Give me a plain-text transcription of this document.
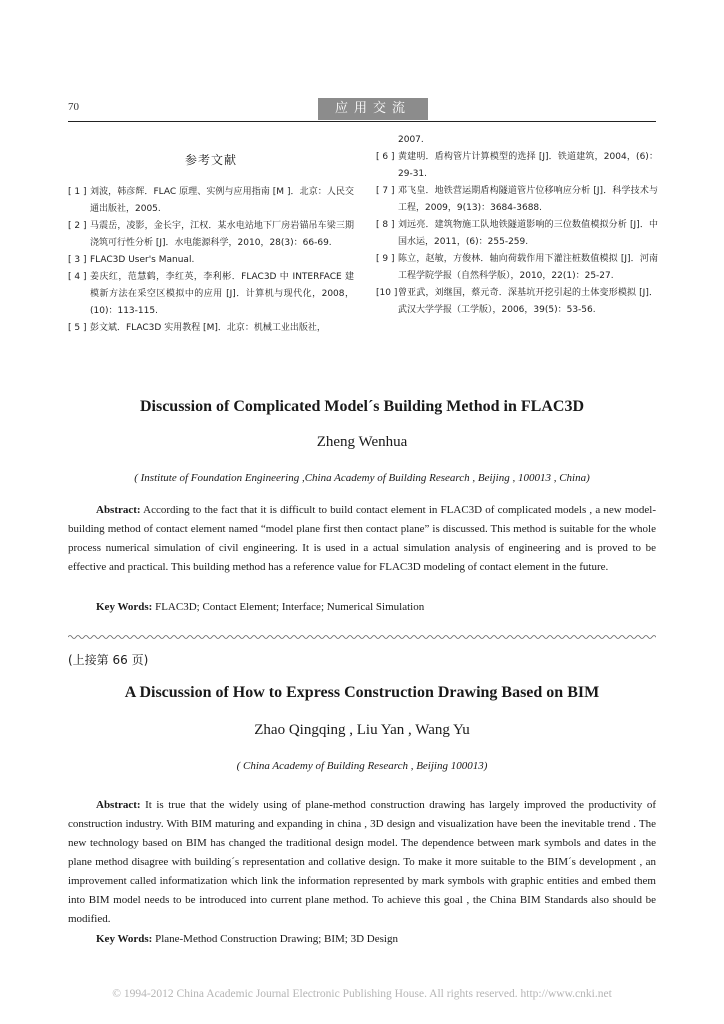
70	应用交流
参考文献
[ 1 ] 刘波，韩彦辉．FLAC 原理、实例与应用指南 [M ]．北京：人民交通出版社，2005.
[ 2 ] 马震岳，凌影，金长宇，江权．某水电站地下厂房岩锚吊车梁三期浇筑可行性分析 [J]．水电能源科学，2010，28(3)：66-69.
[ 3 ] FLAC3D User's Manual.
[ 4 ] 姜庆红，范慧鹤，李红英，李利彬．FLAC3D 中 INTERFACE 建模新方法在采空区模拟中的应用 [J]．计算机与现代化，2008，(10)：113-115.
[ 5 ] 彭文斌．FLAC3D 实用教程 [M]．北京：机械工业出版社，
2007.
[ 6 ] 黄建明．盾构管片计算模型的选择 [J]．铁道建筑，2004，(6)：29-31.
[ 7 ] 邓飞皇．地铁营运期盾构隧道管片位移响应分析 [J]．科学技术与工程，2009，9(13)：3684-3688.
[ 8 ] 刘远亮．建筑物施工队地铁隧道影响的三位数值模拟分析 [J]．中国水运，2011，(6)：255-259.
[ 9 ] 陈立，赵敏，方俊林．轴向荷载作用下灌注桩数值模拟 [J]．河南工程学院学报（自然科学版），2010，22(1)：25-27.
[10 ] 曾亚武，刘继国，蔡元奇．深基坑开挖引起的土体变形模拟 [J]．武汉大学学报（工学版），2006，39(5)：53-56.
Discussion of Complicated Model´s Building Method in FLAC3D
Zheng Wenhua
( Institute of Foundation Engineering ,China Academy of Building Research , Beijing , 100013 , China)
Abstract: According to the fact that it is difficult to build contact element in FLAC3D of complicated models , a new model-building method of contact element named “model plane first then contact plane” is discussed. This method is suitable for the whole process numerical simulation of civil engineering. It is used in a actual simulation analysis of engineering and is proved to be effective and practical. This building method has a reference value for FLAC3D modeling of contact element in the future.
Key Words: FLAC3D; Contact Element; Interface; Numerical Simulation
(上接第 66 页)
A Discussion of How to Express Construction Drawing Based on BIM
Zhao Qingqing , Liu Yan , Wang Yu
( China Academy of Building Research , Beijing 100013)
Abstract: It is true that the widely using of plane-method construction drawing has largely improved the productivity of construction industry. With BIM maturing and expanding in china , 3D design and visualization have been the inevitable trend . The new technology based on BIM has changed the traditional design model. The dependence between mark symbols and dates in the plane method disagree with building´s representation and collative design. To make it more suitable to the BIM´s development , an improvement called informatization which link the information represented by mark symbols with graphic entities and embed them into BIM model needs to be introduced into current plane method. To achieve this goal , the China BIM Standards also should be modified.
Key Words: Plane-Method Construction Drawing; BIM; 3D Design
© 1994-2012 China Academic Journal Electronic Publishing House. All rights reserved. http://www.cnki.net
